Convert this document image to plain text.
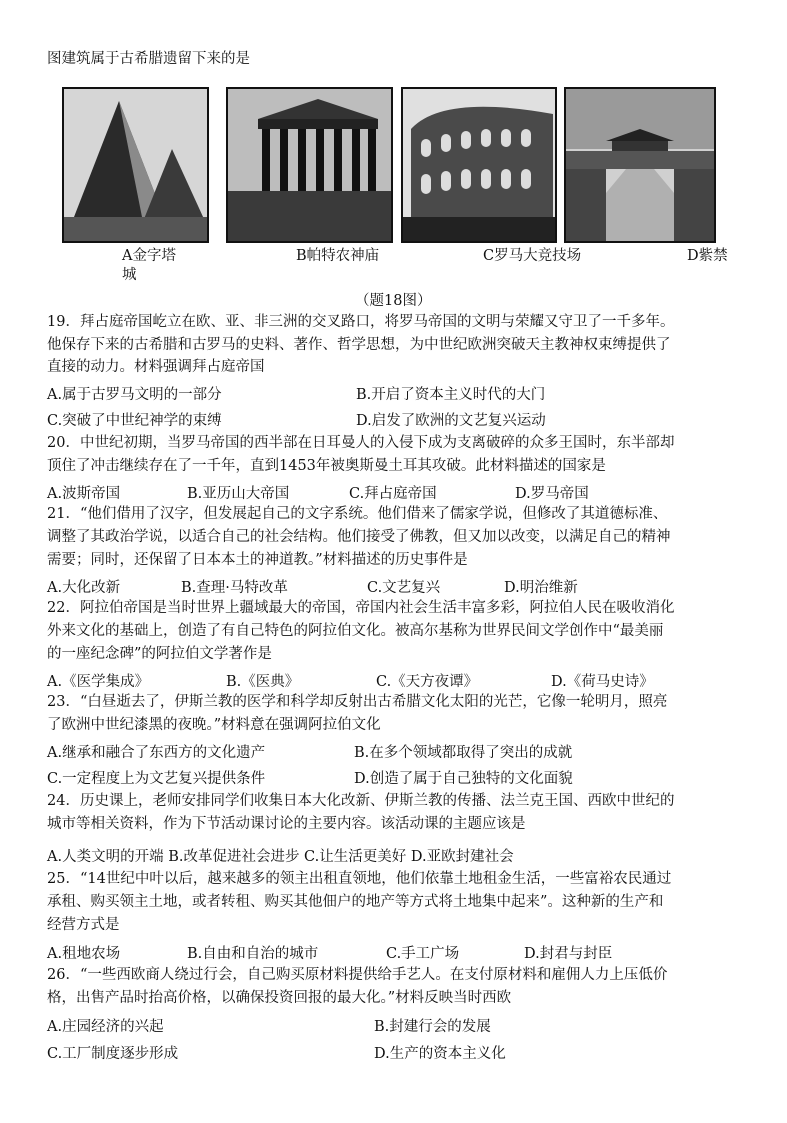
图建筑属于古希腊遗留下来的是
A金字塔
城
B帕特农神庙	C罗马大竞技场	D紫禁
（题18图）
19．拜占庭帝国屹立在欧、亚、非三洲的交叉路口，将罗马帝国的文明与荣耀又守卫了一千多年。
他保存下来的古希腊和古罗马的史料、著作、哲学思想，为中世纪欧洲突破天主教神权束缚提供了
直接的动力。材料强调拜占庭帝国
A.属于古罗马文明的一部分	B.开启了资本主义时代的大门
C.突破了中世纪神学的束缚	D.启发了欧洲的文艺复兴运动
20．中世纪初期，当罗马帝国的西半部在日耳曼人的入侵下成为支离破碎的众多王国时，东半部却
顶住了冲击继续存在了一千年，直到1453年被奥斯曼土耳其攻破。此材料描述的国家是
A.波斯帝国	B.亚历山大帝国	C.拜占庭帝国	D.罗马帝国
21．“他们借用了汉字，但发展起自己的文字系统。他们借来了儒家学说，但修改了其道德标准、
调整了其政治学说，以适合自己的社会结构。他们接受了佛教，但又加以改变，以满足自己的精神
需要；同时，还保留了日本本土的神道教。”材料描述的历史事件是
A.大化改新	B.查理·马特改革	C.文艺复兴	D.明治维新
22．阿拉伯帝国是当时世界上疆域最大的帝国，帝国内社会生活丰富多彩，阿拉伯人民在吸收消化
外来文化的基础上，创造了有自己特色的阿拉伯文化。被高尔基称为世界民间文学创作中“最美丽
的一座纪念碑”的阿拉伯文学著作是
A.《医学集成》	B.《医典》	C.《天方夜谭》	D.《荷马史诗》
23．“白昼逝去了，伊斯兰教的医学和科学却反射出古希腊文化太阳的光芒，它像一轮明月，照亮
了欧洲中世纪漆黑的夜晚。”材料意在强调阿拉伯文化
A.继承和融合了东西方的文化遗产	B.在多个领域都取得了突出的成就
C.一定程度上为文艺复兴提供条件	D.创造了属于自己独特的文化面貌
24．历史课上，老师安排同学们收集日本大化改新、伊斯兰教的传播、法兰克王国、西欧中世纪的
城市等相关资料，作为下节活动课讨论的主要内容。该活动课的主题应该是
A.人类文明的开端 B.改革促进社会进步 C.让生活更美好 D.亚欧封建社会
25．“14世纪中叶以后，越来越多的领主出租直领地，他们依靠土地租金生活，一些富裕农民通过
承租、购买领主土地，或者转租、购买其他佃户的地产等方式将土地集中起来”。这种新的生产和
经营方式是
A.租地农场	B.自由和自治的城市	C.手工广场	D.封君与封臣
26．“一些西欧商人绕过行会，自己购买原材料提供给手艺人。在支付原材料和雇佣人力上压低价
格，出售产品时抬高价格，以确保投资回报的最大化。”材料反映当时西欧
A.庄园经济的兴起	B.封建行会的发展
C.工厂制度逐步形成	D.生产的资本主义化
